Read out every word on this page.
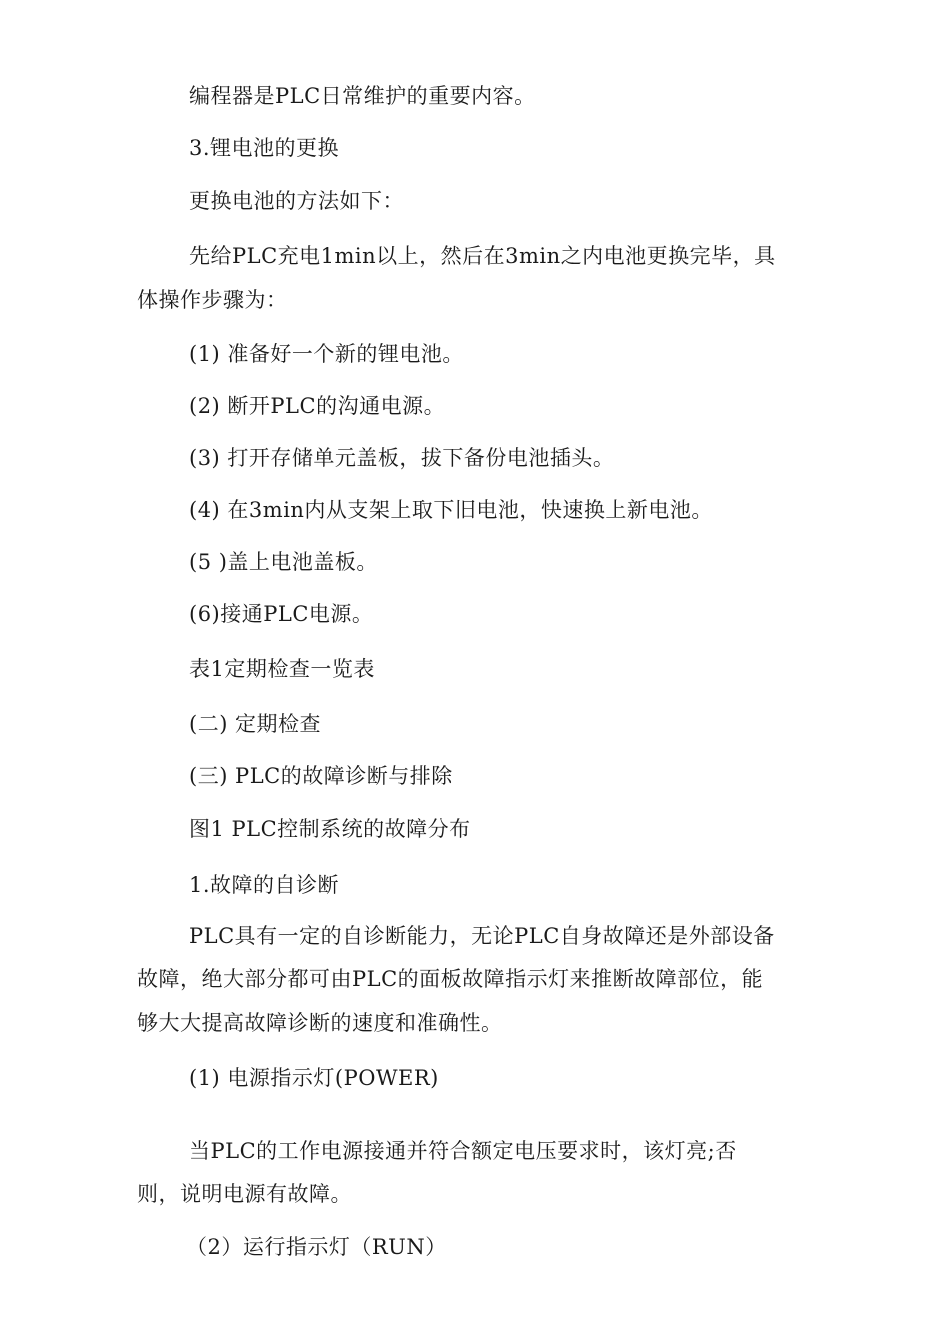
编程器是PLC日常维护的重要内容。
3.锂电池的更换
更换电池的方法如下：
先给PLC充电1min以上，然后在3min之内电池更换完毕，具
体操作步骤为：
(1) 准备好一个新的锂电池。
(2) 断开PLC的沟通电源。
(3) 打开存储单元盖板，拔下备份电池插头。
(4) 在3min内从支架上取下旧电池，快速换上新电池。
(5 )盖上电池盖板。
(6)接通PLC电源。
表1定期检查一览表
(二) 定期检查
(三) PLC的故障诊断与排除
图1 PLC控制系统的故障分布
1.故障的自诊断
PLC具有一定的自诊断能力，无论PLC自身故障还是外部设备
故障，绝大部分都可由PLC的面板故障指示灯来推断故障部位，能
够大大提高故障诊断的速度和准确性。
(1) 电源指示灯(POWER)
当PLC的工作电源接通并符合额定电压要求时，该灯亮;否
则，说明电源有故障。
（2）运行指示灯（RUN）
